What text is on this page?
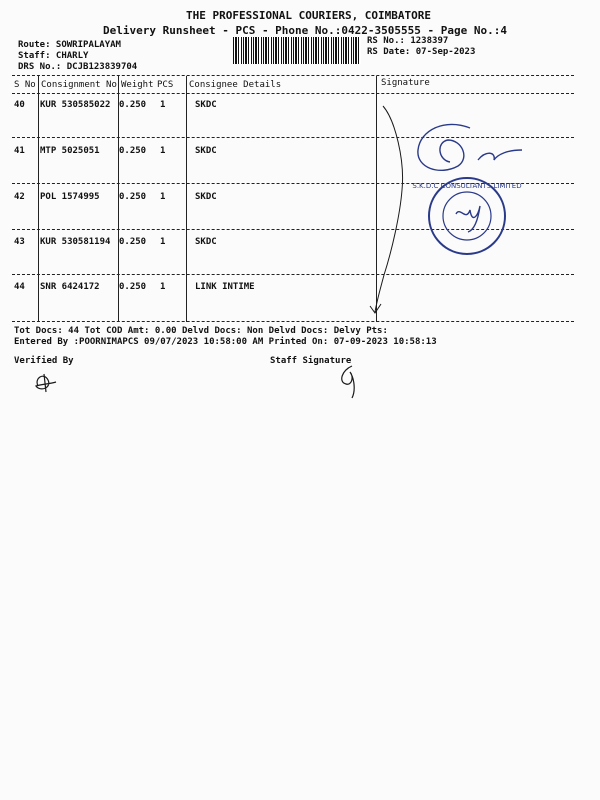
THE PROFESSIONAL COURIERS, COIMBATORE
Delivery Runsheet - PCS - Phone No.:0422-3505555 - Page No.:4
Route: SOWRIPALAYAM
Staff: CHARLY
DRS No.: DCJB123839704
RS No.: 1238397
RS Date: 07-Sep-2023
S No Consignment No Weight PCS Consignee Details	Signature
40 KUR 530585022 0.250 1	SKDC
41 MTP 5025051 0.250 1	SKDC
42 POL 1574995 0.250 1	SKDC
43 KUR 530581194 0.250 1	SKDC
44 SNR 6424172 0.250 1	LINK INTIME
Tot Docs: 44 Tot COD Amt: 0.00 Delvd Docs: Non Delvd Docs: Delvy Pts:
Entered By :POORNIMAPCS 09/07/2023 10:58:00 AM Printed On: 07-09-2023 10:58:13
Verified By	Staff Signature
S.K.D.C CONSULTANTS LIMITED
